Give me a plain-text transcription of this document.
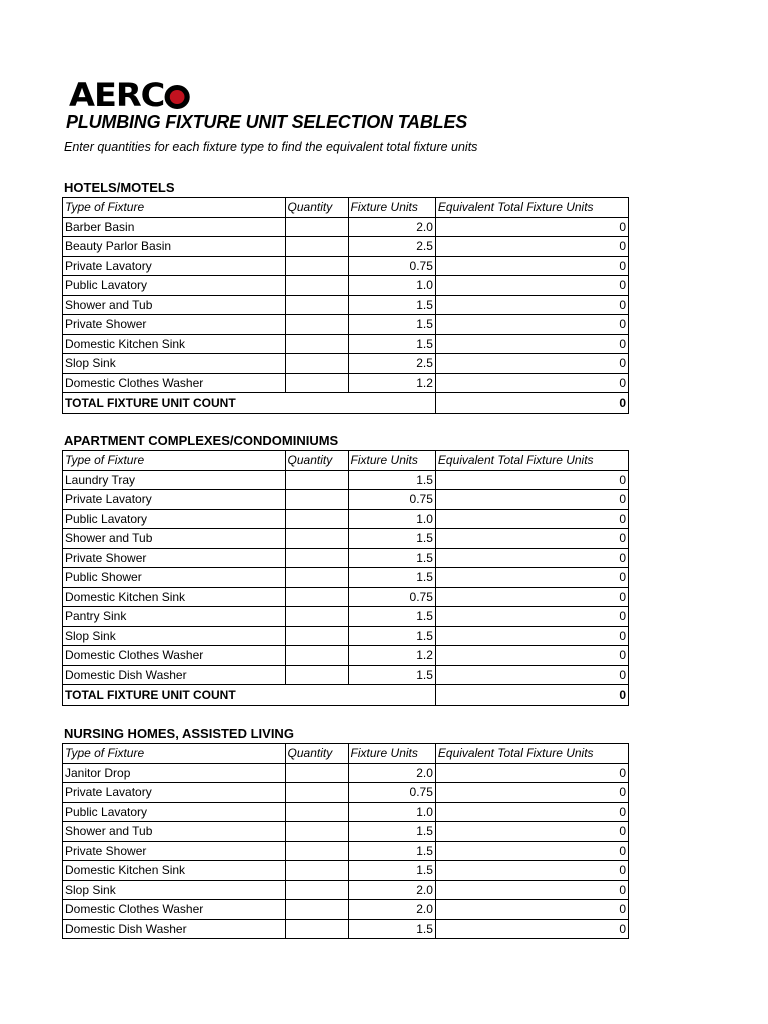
AERC
PLUMBING FIXTURE UNIT SELECTION TABLES
Enter quantities for each fixture type to find the equivalent total fixture units
HOTELS/MOTELS
Type of Fixture	Quantity	Fixture Units	Equivalent Total Fixture Units
Barber Basin		2.0	0
Beauty Parlor Basin		2.5	0
Private Lavatory		0.75	0
Public Lavatory		1.0	0
Shower and Tub		1.5	0
Private Shower		1.5	0
Domestic Kitchen Sink		1.5	0
Slop Sink		2.5	0
Domestic Clothes Washer		1.2	0
TOTAL FIXTURE UNIT COUNT			0
APARTMENT COMPLEXES/CONDOMINIUMS
Type of Fixture	Quantity	Fixture Units	Equivalent Total Fixture Units
Laundry Tray		1.5	0
Private Lavatory		0.75	0
Public Lavatory		1.0	0
Shower and Tub		1.5	0
Private Shower		1.5	0
Public Shower		1.5	0
Domestic Kitchen Sink		0.75	0
Pantry Sink		1.5	0
Slop Sink		1.5	0
Domestic Clothes Washer		1.2	0
Domestic Dish Washer		1.5	0
TOTAL FIXTURE UNIT COUNT			0
NURSING HOMES, ASSISTED LIVING
Type of Fixture	Quantity	Fixture Units	Equivalent Total Fixture Units
Janitor Drop		2.0	0
Private Lavatory		0.75	0
Public Lavatory		1.0	0
Shower and Tub		1.5	0
Private Shower		1.5	0
Domestic Kitchen Sink		1.5	0
Slop Sink		2.0	0
Domestic Clothes Washer		2.0	0
Domestic Dish Washer		1.5	0
